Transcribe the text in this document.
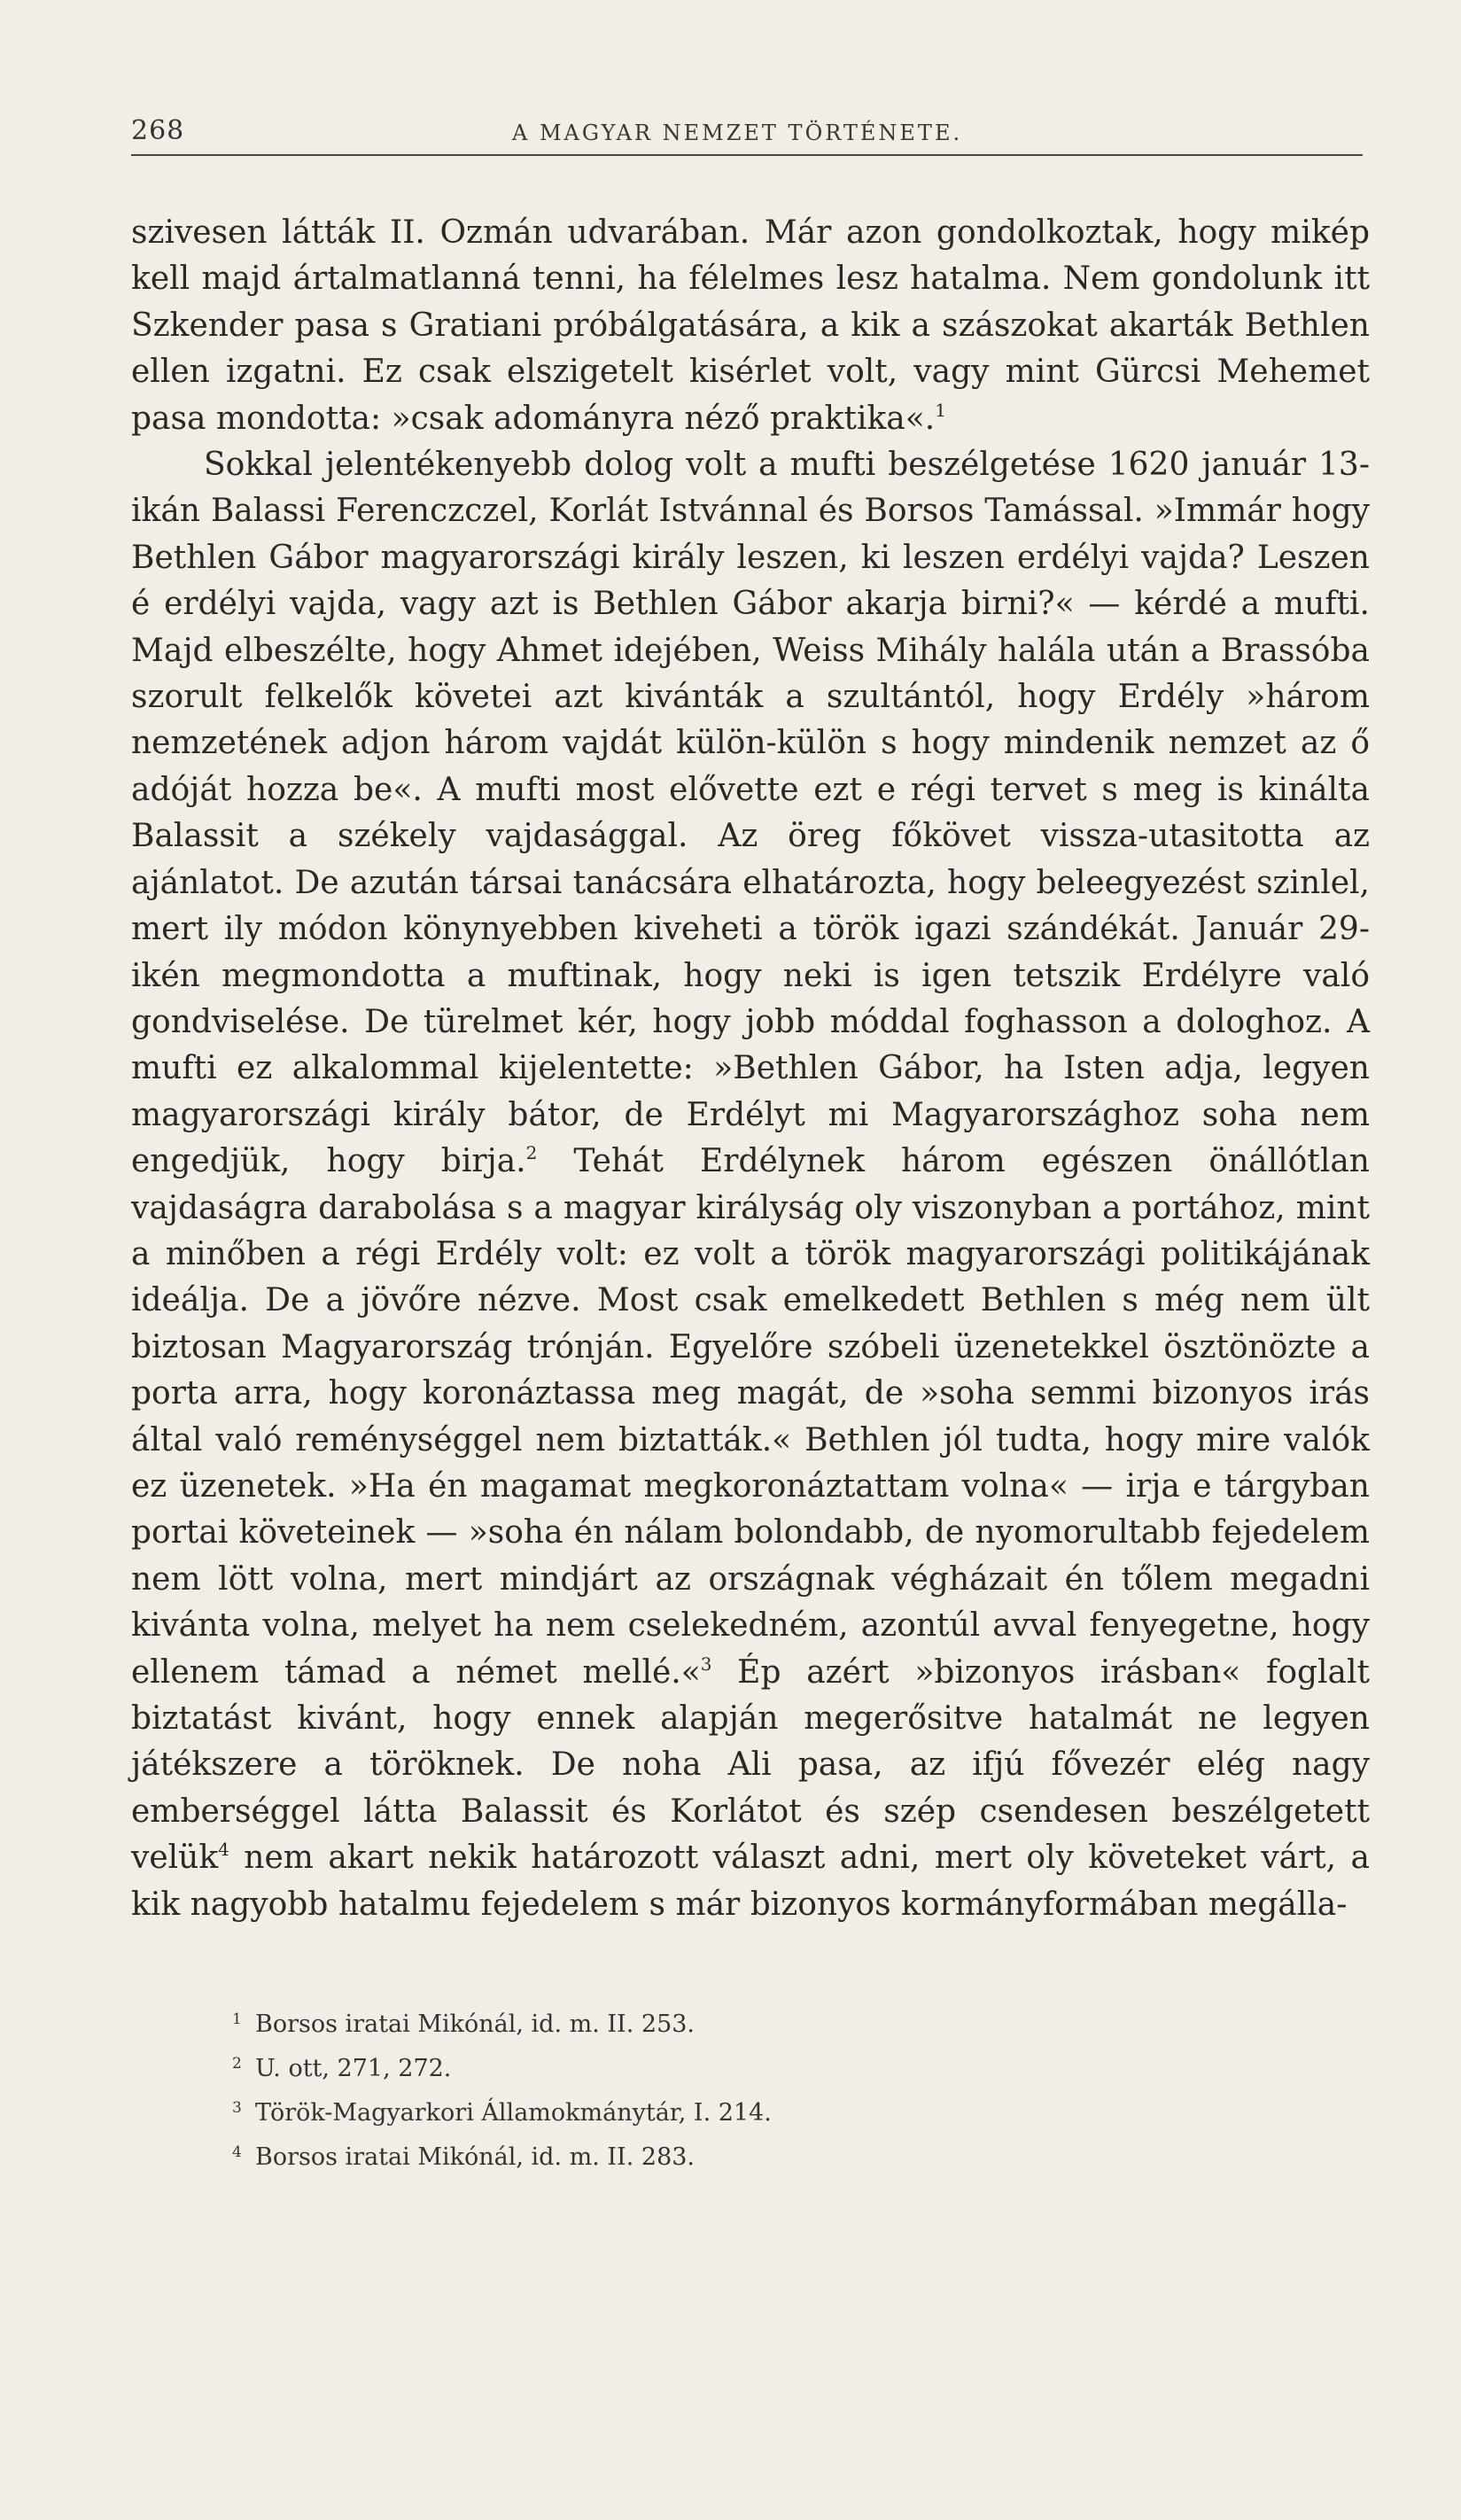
268	A MAGYAR NEMZET TÖRTÉNETE.

szivesen látták II. Ozmán udvarában. Már azon gondolkoztak, hogy mikép kell majd ártalmatlanná tenni, ha félelmes lesz hatalma. Nem gondolunk itt Szkender pasa s Gratiani próbálgatására, a kik a szászokat akarták Bethlen ellen izgatni. Ez csak elszigetelt kisérlet volt, vagy mint Gürcsi Mehemet pasa mondotta: »csak adományra néző praktika«.$^1$

Sokkal jelentékenyebb dolog volt a mufti beszélgetése 1620 január 13-ikán Balassi Ferenczczel, Korlát Istvánnal és Borsos Tamással. »Immár hogy Bethlen Gábor magyarországi király leszen, ki leszen erdélyi vajda? Leszen é erdélyi vajda, vagy azt is Bethlen Gábor akarja birni?« — kérdé a mufti. Majd elbeszélte, hogy Ahmet idejében, Weiss Mihály halála után a Brassóba szorult felkelők követei azt kivánták a szultántól, hogy Erdély »három nemzetének adjon három vajdát külön-külön s hogy mindenik nemzet az ő adóját hozza be«. A mufti most elővette ezt e régi tervet s meg is kinálta Balassit a székely vajdasággal. Az öreg főkövet vissza-utasitotta az ajánlatot. De azután társai tanácsára elhatározta, hogy beleegyezést szinlel, mert ily módon könynyebben kiveheti a török igazi szándékát. Január 29-ikén megmondotta a muftinak, hogy neki is igen tetszik Erdélyre való gondviselése. De türelmet kér, hogy jobb móddal foghasson a dologhoz. A mufti ez alkalommal kijelentette: »Bethlen Gábor, ha Isten adja, legyen magyarországi király bátor, de Erdélyt mi Magyarországhoz soha nem engedjük, hogy birja.$^2$ Tehát Erdélynek három egészen önállótlan vajdaságra darabolása s a magyar királyság oly viszonyban a portához, mint a minőben a régi Erdély volt: ez volt a török magyarországi politikájának ideálja. De a jövőre nézve. Most csak emelkedett Bethlen s még nem ült biztosan Magyarország trónján. Egyelőre szóbeli üzenetekkel ösztönözte a porta arra, hogy koronáztassa meg magát, de »soha semmi bizonyos irás által való reménységgel nem biztatták.« Bethlen jól tudta, hogy mire valók ez üzenetek. »Ha én magamat megkoronáztattam volna« — irja e tárgyban portai követeinek — »soha én nálam bolondabb, de nyomorultabb fejedelem nem lött volna, mert mindjárt az országnak végházait én tőlem megadni kivánta volna, melyet ha nem cselekedném, azontúl avval fenyegetne, hogy ellenem támad a német mellé.«$^3$ Ép azért »bizonyos irásban« foglalt biztatást kivánt, hogy ennek alapján megerősitve hatalmát ne legyen játékszere a töröknek. De noha Ali pasa, az ifjú fővezér elég nagy emberséggel látta Balassit és Korlátot és szép csendesen beszélgetett velük$^4$ nem akart nekik határozott választ adni, mert oly követeket várt, a kik nagyobb hatalmu fejedelem s már bizonyos kormányformában megálla-

1 Borsos iratai Mikónál, id. m. II. 253.
2 U. ott, 271, 272.
3 Török-Magyarkori Államokmánytár, I. 214.
4 Borsos iratai Mikónál, id. m. II. 283.
